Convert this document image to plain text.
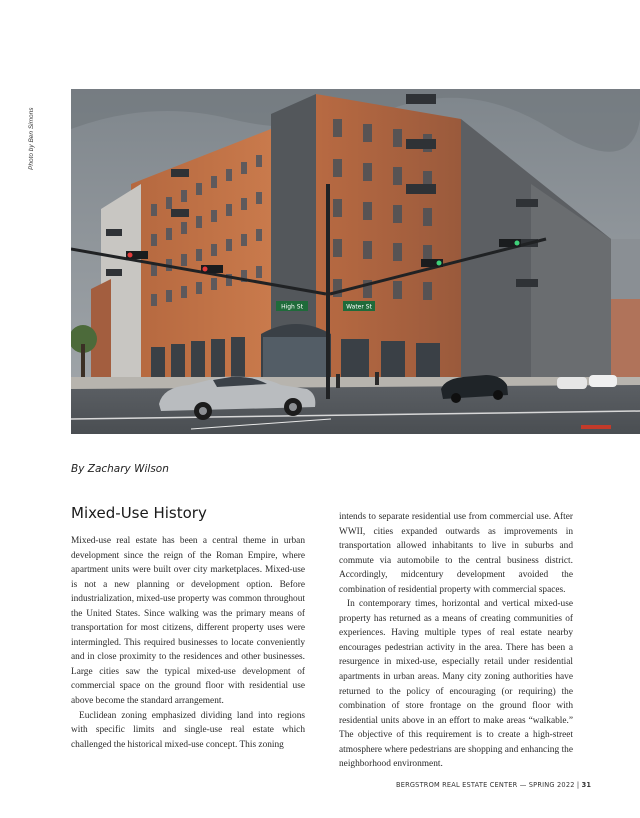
Photo by Ben Simons
High St	Water St
By Zachary Wilson
Mixed-Use History

Mixed-use real estate has been a central theme in urban development since the reign of the Roman Empire, where apartment units were built over city marketplaces. Mixed-use is not a new planning or development option. Before industrialization, mixed-use property was common throughout the United States. Since walking was the primary means of transportation for most citizens, different property uses were intermingled. This required businesses to locate conveniently and in close proximity to the residences and other businesses. Large cities saw the typical mixed-use development of commercial space on the ground floor with residential use above become the standard arrangement.

Euclidean zoning emphasized dividing land into regions with specific limits and single-use real estate which challenged the historical mixed-use concept. This zoning

intends to separate residential use from commercial use. After WWII, cities expanded outwards as improvements in transportation allowed inhabitants to live in suburbs and commute via automobile to the central business district. Accordingly, midcentury development avoided the combination of residential property with commercial spaces.

In contemporary times, horizontal and vertical mixed-use property has returned as a means of creating communities of experiences. Having multiple types of real estate nearby encourages pedestrian activity in the area. There has been a resurgence in mixed-use, especially retail under residential apartments in urban areas. Many city zoning authorities have returned to the policy of encouraging (or requiring) the combination of store frontage on the ground floor with residential units above in an effort to make areas “walkable.” The objective of this requirement is to create a high-street atmosphere where pedestrians are shopping and enhancing the neighborhood environment.

BERGSTROM REAL ESTATE CENTER — SPRING 2022 | 31
